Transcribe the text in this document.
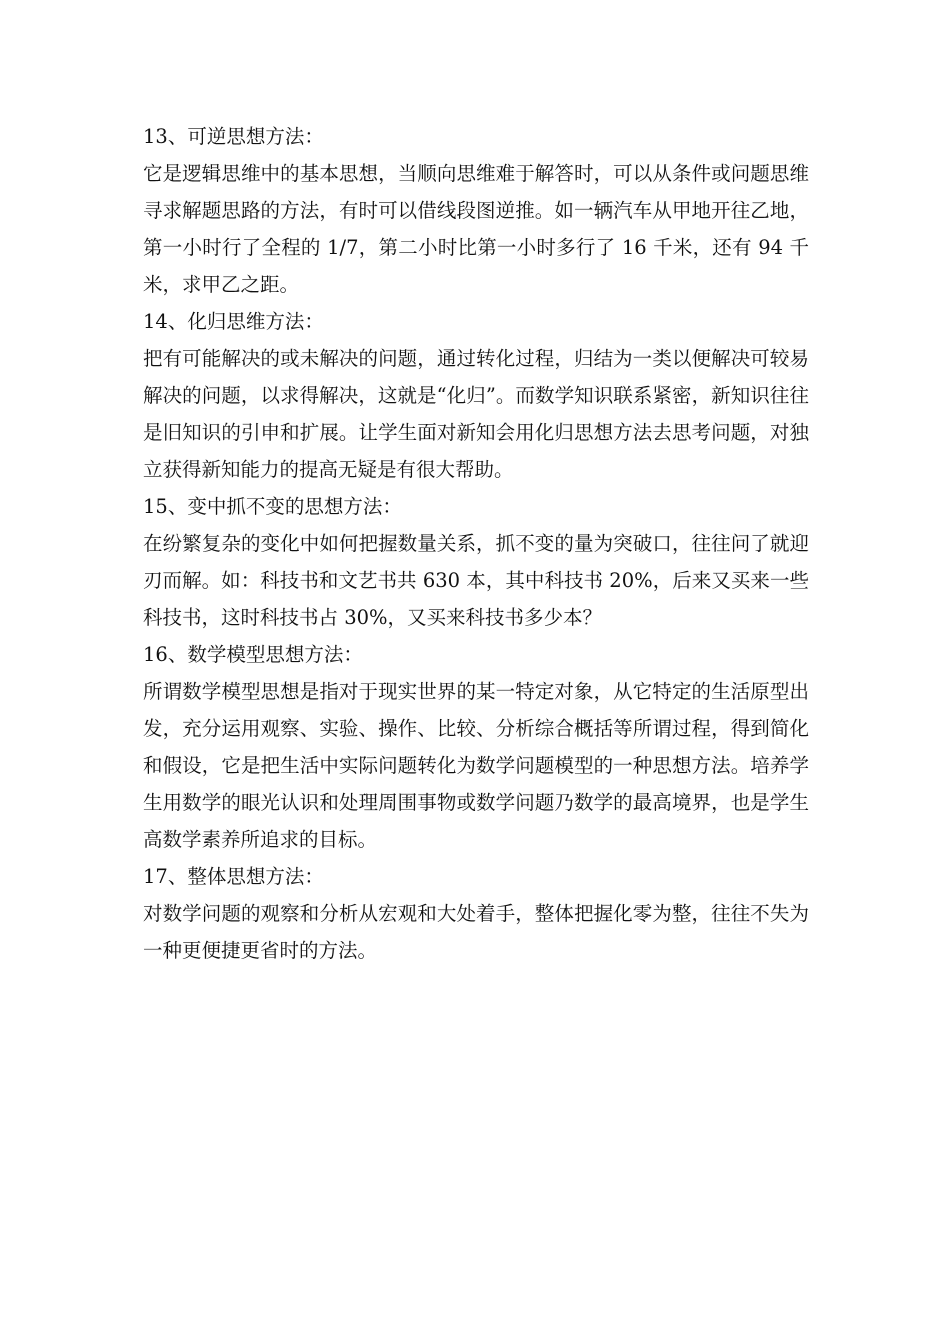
13、可逆思想方法：

它是逻辑思维中的基本思想，当顺向思维难于解答时，可以从条件或问题思维寻求解题思路的方法，有时可以借线段图逆推。如一辆汽车从甲地开往乙地，第一小时行了全程的 1/7，第二小时比第一小时多行了 16 千米，还有 94 千米，求甲乙之距。

14、化归思维方法：

把有可能解决的或未解决的问题，通过转化过程，归结为一类以便解决可较易解决的问题，以求得解决，这就是“化归”。而数学知识联系紧密，新知识往往是旧知识的引申和扩展。让学生面对新知会用化归思想方法去思考问题，对独立获得新知能力的提高无疑是有很大帮助。

15、变中抓不变的思想方法：

在纷繁复杂的变化中如何把握数量关系，抓不变的量为突破口，往往问了就迎刃而解。如：科技书和文艺书共 630 本，其中科技书 20%，后来又买来一些科技书，这时科技书占 30%，又买来科技书多少本？

16、数学模型思想方法：

所谓数学模型思想是指对于现实世界的某一特定对象，从它特定的生活原型出发，充分运用观察、实验、操作、比较、分析综合概括等所谓过程，得到简化和假设，它是把生活中实际问题转化为数学问题模型的一种思想方法。培养学生用数学的眼光认识和处理周围事物或数学问题乃数学的最高境界，也是学生高数学素养所追求的目标。

17、整体思想方法：

对数学问题的观察和分析从宏观和大处着手，整体把握化零为整，往往不失为一种更便捷更省时的方法。
